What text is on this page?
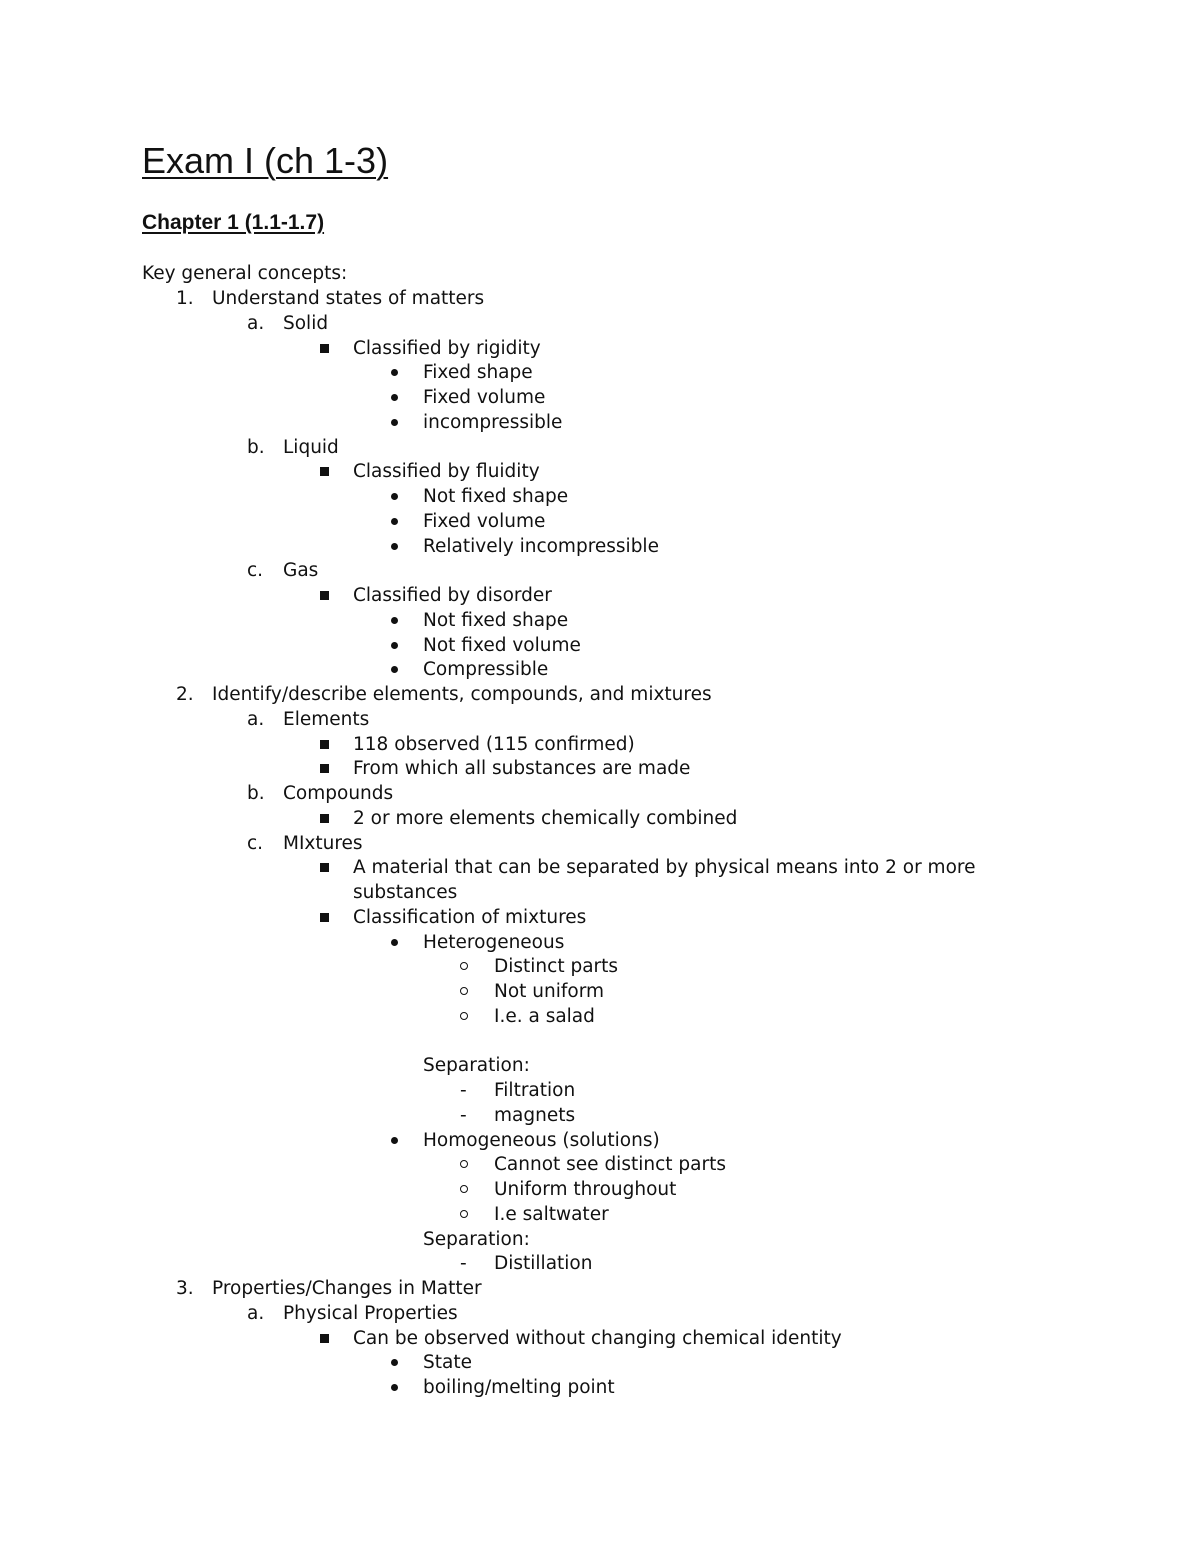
Exam I (ch 1-3)
Chapter 1 (1.1-1.7)
Key general concepts:
1. Understand states of matters
a. Solid
Classified by rigidity
Fixed shape
Fixed volume
incompressible
b. Liquid
Classified by fluidity
Not fixed shape
Fixed volume
Relatively incompressible
c. Gas
Classified by disorder
Not fixed shape
Not fixed volume
Compressible
2. Identify/describe elements, compounds, and mixtures
a. Elements
118 observed (115 confirmed)
From which all substances are made
b. Compounds
2 or more elements chemically combined
c. MIxtures
A material that can be separated by physical means into 2 or more
substances
Classification of mixtures
Heterogeneous
Distinct parts
Not uniform
I.e. a salad
Separation:
- Filtration
- magnets
Homogeneous (solutions)
Cannot see distinct parts
Uniform throughout
I.e saltwater
Separation:
- Distillation
3. Properties/Changes in Matter
a. Physical Properties
Can be observed without changing chemical identity
State
boiling/melting point
